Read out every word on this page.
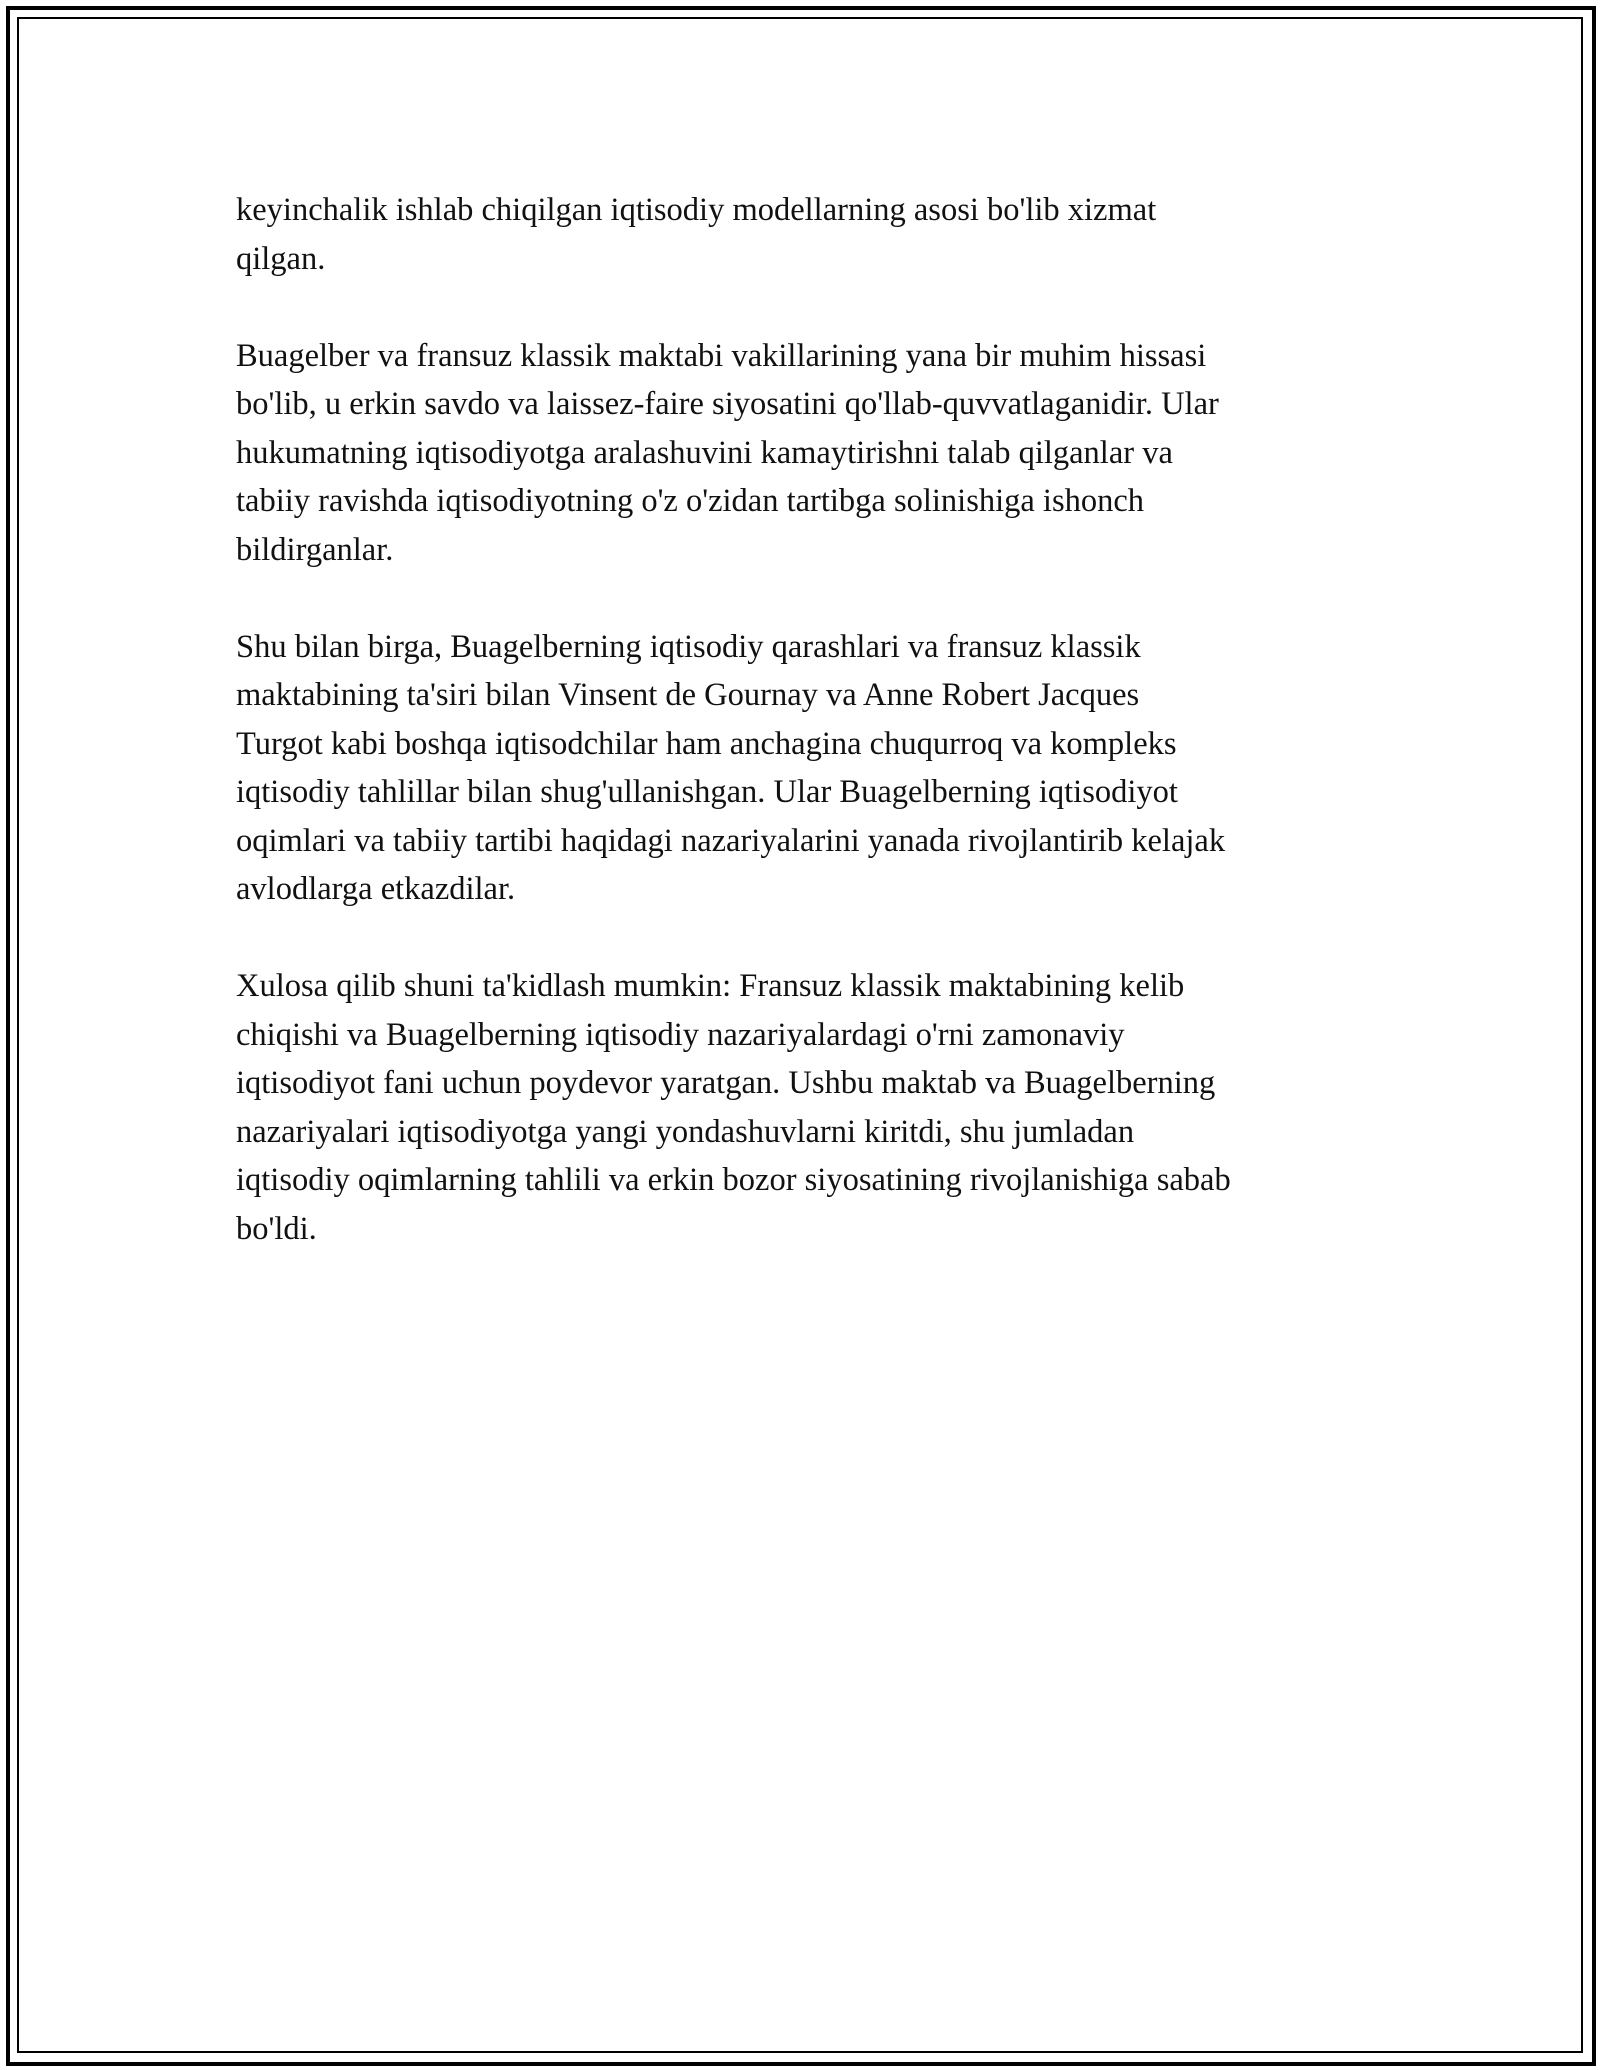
keyinchalik ishlab chiqilgan iqtisodiy modellarning asosi bo'lib xizmat
qilgan.

Buagelber va fransuz klassik maktabi vakillarining yana bir muhim hissasi
bo'lib, u erkin savdo va laissez-faire siyosatini qo'llab-quvvatlaganidir. Ular
hukumatning iqtisodiyotga aralashuvini kamaytirishni talab qilganlar va
tabiiy ravishda iqtisodiyotning o'z o'zidan tartibga solinishiga ishonch
bildirganlar.

Shu bilan birga, Buagelberning iqtisodiy qarashlari va fransuz klassik
maktabining ta'siri bilan Vinsent de Gournay va Anne Robert Jacques
Turgot kabi boshqa iqtisodchilar ham anchagina chuqurroq va kompleks
iqtisodiy tahlillar bilan shug'ullanishgan. Ular Buagelberning iqtisodiyot
oqimlari va tabiiy tartibi haqidagi nazariyalarini yanada rivojlantirib kelajak
avlodlarga etkazdilar.

Xulosa qilib shuni ta'kidlash mumkin: Fransuz klassik maktabining kelib
chiqishi va Buagelberning iqtisodiy nazariyalardagi o'rni zamonaviy
iqtisodiyot fani uchun poydevor yaratgan. Ushbu maktab va Buagelberning
nazariyalari iqtisodiyotga yangi yondashuvlarni kiritdi, shu jumladan
iqtisodiy oqimlarning tahlili va erkin bozor siyosatining rivojlanishiga sabab
bo'ldi.
